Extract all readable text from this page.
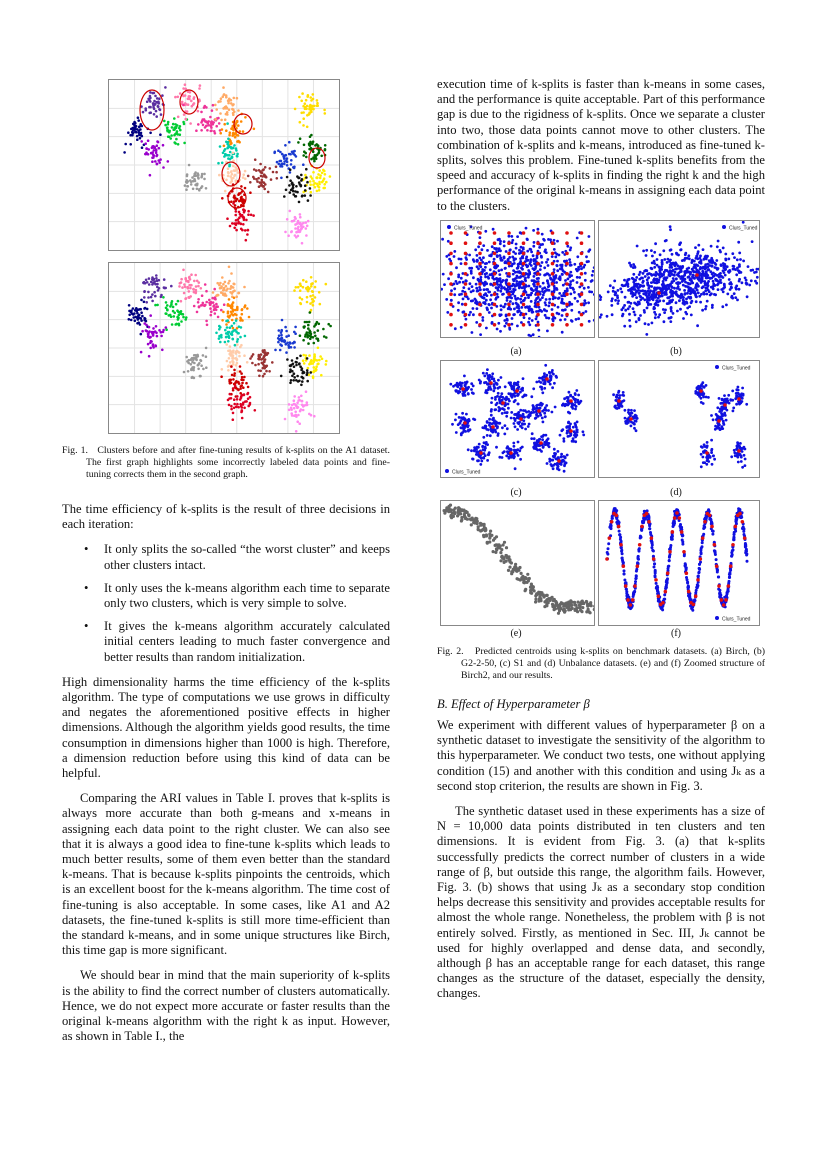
Fig. 1. Clusters before and after fine-tuning results of k-splits on the A1 dataset. The first graph highlights some incorrectly labeled data points and fine-tuning corrects them in the second graph.

The time efficiency of k-splits is the result of three decisions in each iteration:

• It only splits the so-called “the worst cluster” and keeps other clusters intact.
• It only uses the k-means algorithm each time to separate only two clusters, which is very simple to solve.
• It gives the k-means algorithm accurately calculated initial centers leading to much faster convergence and better results than random initialization.

High dimensionality harms the time efficiency of the k-splits algorithm. The type of computations we use grows in difficulty and negates the aforementioned positive effects in higher dimensions. Although the algorithm yields good results, the time consumption in dimensions higher than 1000 is high. Therefore, a dimension reduction before using this kind of data can be helpful.

Comparing the ARI values in Table I. proves that k-splits is always more accurate than both g-means and x-means in assigning each data point to the right cluster. We can also see that it is always a good idea to fine-tune k-splits which leads to much better results, some of them even better than the standard k-means. That is because k-splits pinpoints the centroids, which is an excellent boost for the k-means algorithm. The time cost of fine-tuning is also acceptable. In some cases, like A1 and A2 datasets, the fine-tuned k-splits is still more time-efficient than the standard k-means, and in some unique structures like Birch, this time gap is more significant.

We should bear in mind that the main superiority of k-splits is the ability to find the correct number of clusters automatically. Hence, we do not expect more accurate or faster results than the original k-means algorithm with the right k as input. However, as shown in Table I., the

execution time of k-splits is faster than k-means in some cases, and the performance is quite acceptable. Part of this performance gap is due to the rigidness of k-splits. Once we separate a cluster into two, those data points cannot move to other clusters. The combination of k-splits and k-means, introduced as fine-tuned k-splits, solves this problem. Fine-tuned k-splits benefits from the speed and accuracy of k-splits in finding the right k and the high performance of the original k-means in assigning each data point to the clusters.

Clurs_Tuned	Clurs_Tuned
(a)	(b)
Clurs_Tuned
Clurs_Tuned
(c)	(d)
Clurs_Tuned
(e)	(f)
Fig. 2. Predicted centroids using k-splits on benchmark datasets. (a) Birch, (b) G2-2-50, (c) S1 and (d) Unbalance datasets. (e) and (f) Zoomed structure of Birch2, and our results.
B. Effect of Hyperparameter β

We experiment with different values of hyperparameter β on a synthetic dataset to investigate the sensitivity of the algorithm to this hyperparameter. We conduct two tests, one without applying condition (15) and another with this condition and using Jₖ as a second stop criterion, the results are shown in Fig. 3.

The synthetic dataset used in these experiments has a size of N = 10,000 data points distributed in ten clusters and ten dimensions. It is evident from Fig. 3. (a) that k-splits successfully predicts the correct number of clusters in a wide range of β, but outside this range, the algorithm fails. However, Fig. 3. (b) shows that using Jₖ as a secondary stop condition helps decrease this sensitivity and provides acceptable results for almost the whole range. Nonetheless, the problem with β is not entirely solved. Firstly, as mentioned in Sec. III, Jₖ cannot be used for highly overlapped and dense data, and secondly, although β has an acceptable range for each dataset, this range changes as the structure of the dataset, especially the density, changes.
